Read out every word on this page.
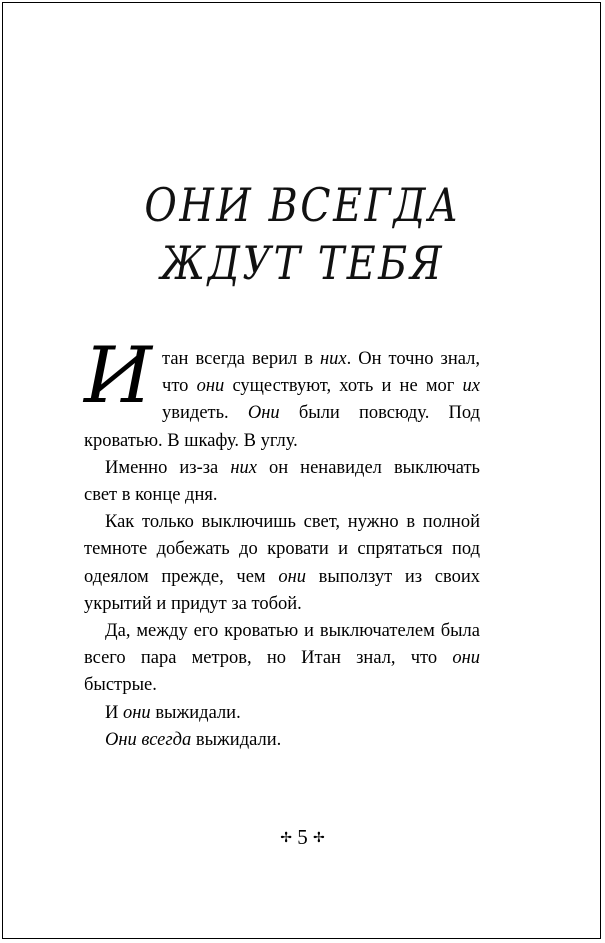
ОНИ ВСЕГДА
ЖДУТ ТЕБЯ

Итан всегда верил в них. Он точно знал, что они существуют, хоть и не мог их увидеть. Они были повсюду. Под кроватью. В шкафу. В углу.

Именно из-за них он ненавидел выключать свет в конце дня.

Как только выключишь свет, нужно в полной темноте добежать до кровати и спрятаться под одеялом прежде, чем они выползут из своих укрытий и придут за тобой.

Да, между его кроватью и выключателем была всего пара метров, но Итан знал, что они быстрые.

И они выжидали.

Они всегда выжидали.

✢ 5 ✢
